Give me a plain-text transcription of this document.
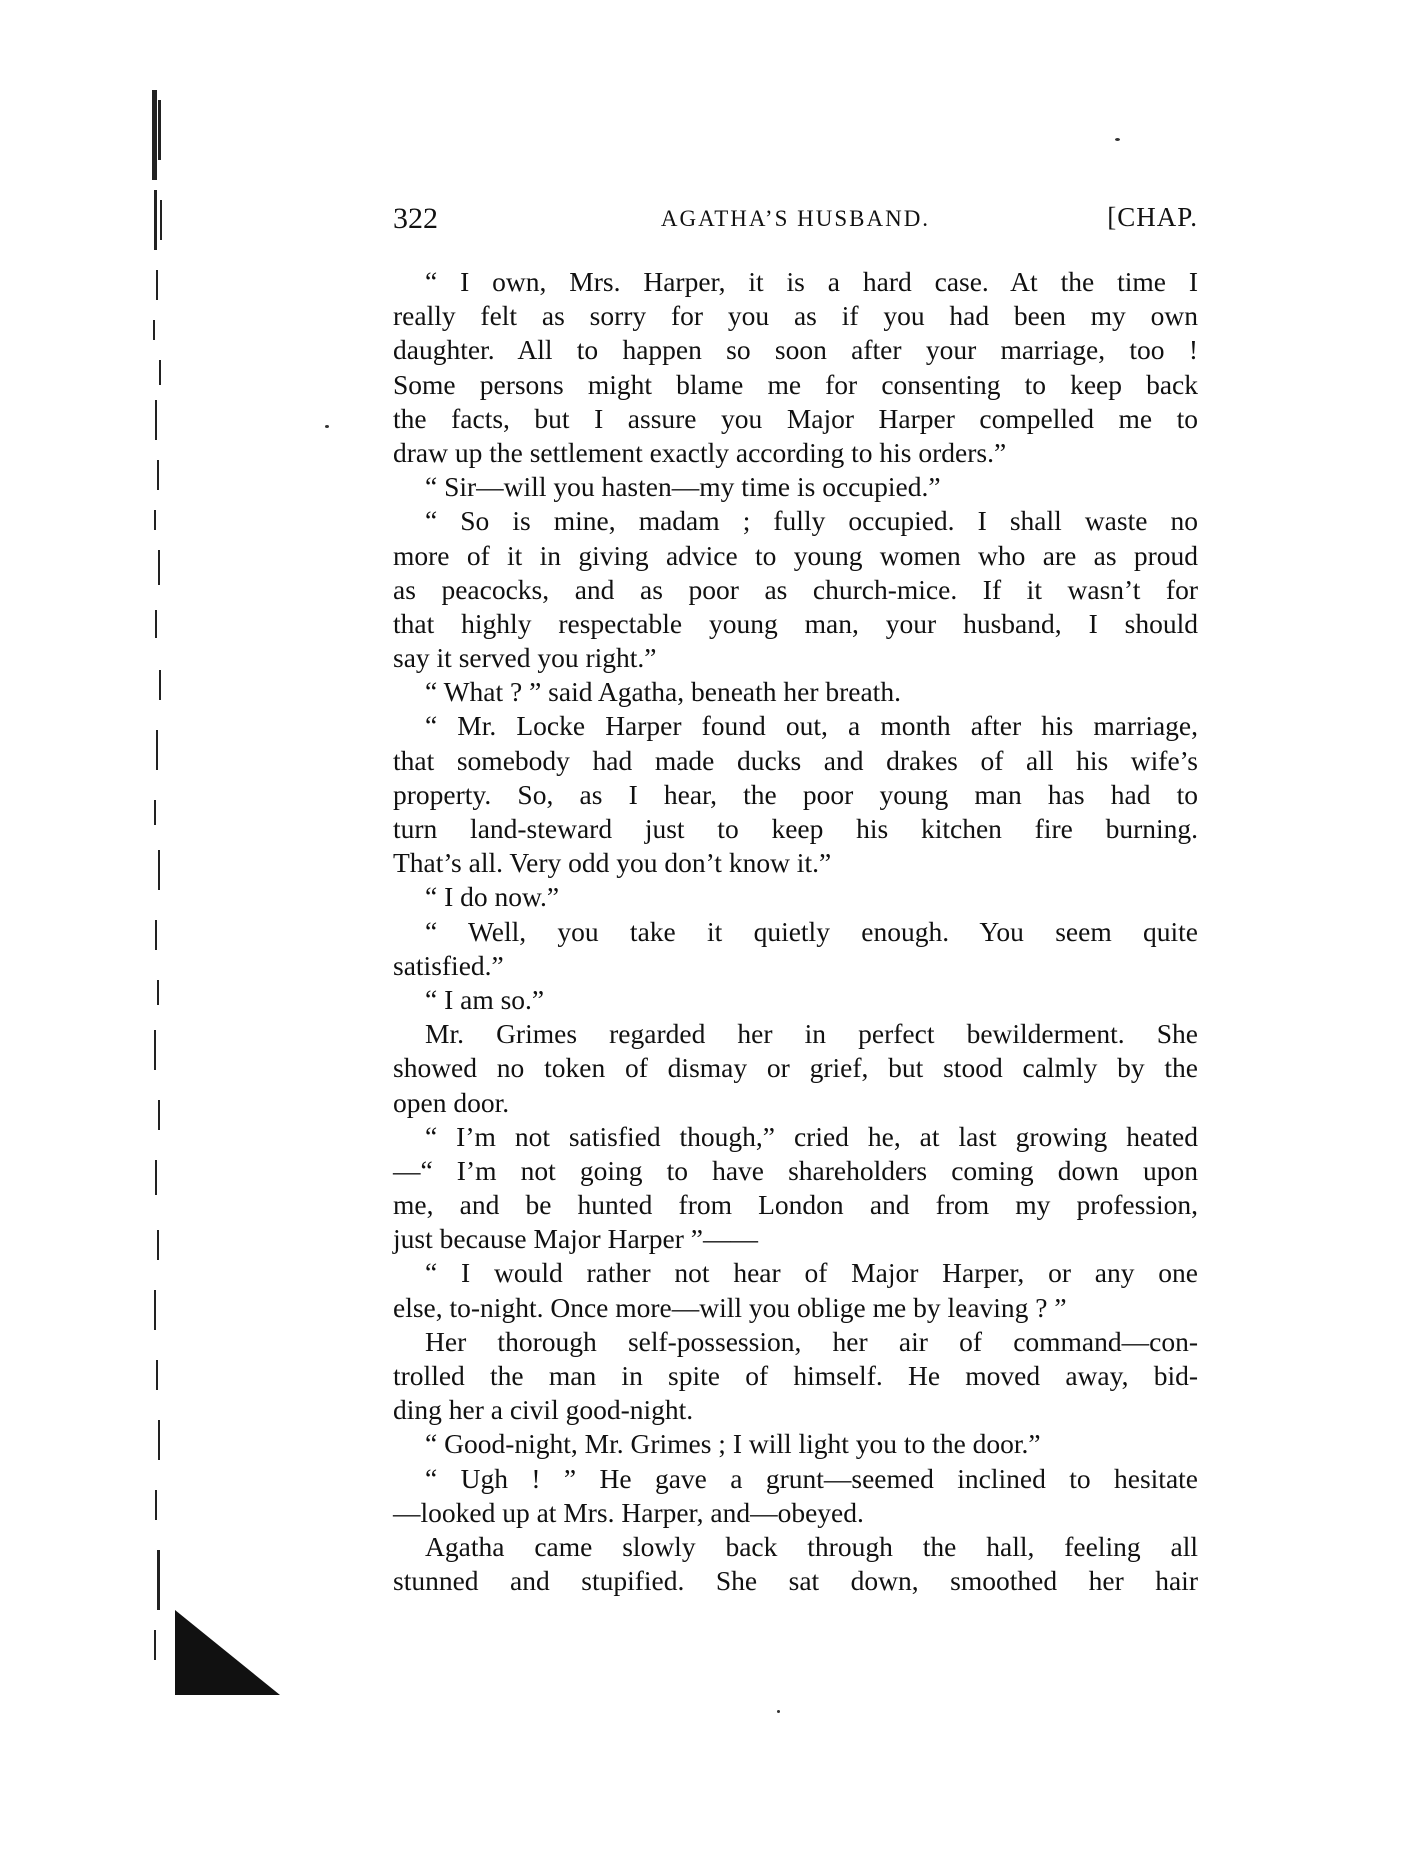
322	AGATHA’S HUSBAND.	[CHAP.
“ I own, Mrs. Harper, it is a hard case. At the time I
really felt as sorry for you as if you had been my own
daughter. All to happen so soon after your marriage, too !
Some persons might blame me for consenting to keep back
the facts, but I assure you Major Harper compelled me to
draw up the settlement exactly according to his orders.”
“ Sir—will you hasten—my time is occupied.”
“ So is mine, madam ; fully occupied. I shall waste no
more of it in giving advice to young women who are as proud
as peacocks, and as poor as church-mice. If it wasn’t for
that highly respectable young man, your husband, I should
say it served you right.”
“ What ? ” said Agatha, beneath her breath.
“ Mr. Locke Harper found out, a month after his marriage,
that somebody had made ducks and drakes of all his wife’s
property. So, as I hear, the poor young man has had to
turn land-steward just to keep his kitchen fire burning.
That’s all. Very odd you don’t know it.”
“ I do now.”
“ Well, you take it quietly enough. You seem quite
satisfied.”
“ I am so.”
Mr. Grimes regarded her in perfect bewilderment. She
showed no token of dismay or grief, but stood calmly by the
open door.
“ I’m not satisfied though,” cried he, at last growing heated
—“ I’m not going to have shareholders coming down upon
me, and be hunted from London and from my profession,
just because Major Harper ”——
“ I would rather not hear of Major Harper, or any one
else, to-night. Once more—will you oblige me by leaving ? ”
Her thorough self-possession, her air of command—con-
trolled the man in spite of himself. He moved away, bid-
ding her a civil good-night.
“ Good-night, Mr. Grimes ; I will light you to the door.”
“ Ugh ! ” He gave a grunt—seemed inclined to hesitate
—looked up at Mrs. Harper, and—obeyed.
Agatha came slowly back through the hall, feeling all
stunned and stupified. She sat down, smoothed her hair
